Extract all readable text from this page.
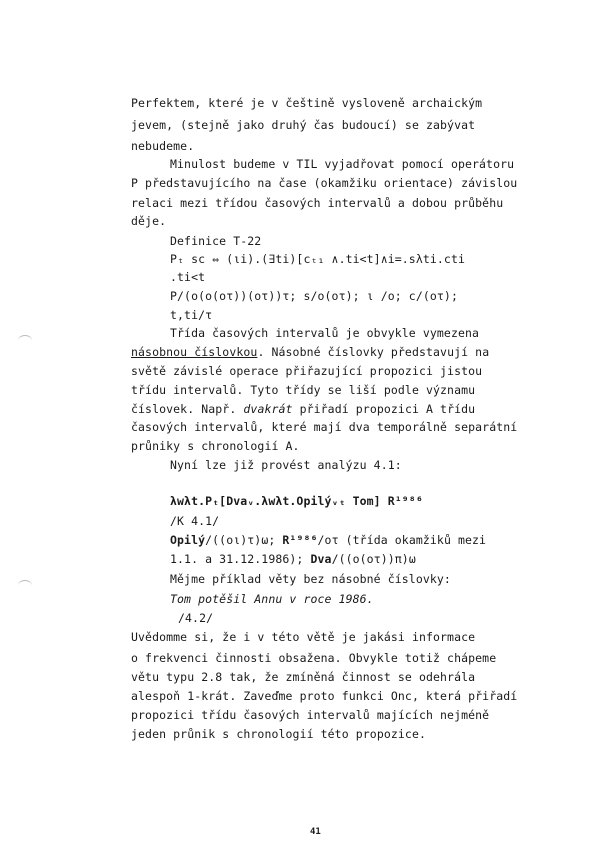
Perfektem, které je v češtině vysloveně archaickým
jevem, (stejně jako druhý čas budoucí) se zabývat
nebudeme.
Minulost budeme v TIL vyjadřovat pomocí operátoru
P představujícího na čase (okamžiku orientace) závislou
relaci mezi třídou časových intervalů a dobou průběhu
děje.
Definice T-22
Pₜ sc ⇔ (ιi).(∃ti)[cₜ₁ ∧.ti<t]∧i=.sλti.cti
.ti<t
P/(o(o(oτ))(oτ))τ; s/o(oτ); ι /o; c/(oτ);
t,ti/τ
Třída časových intervalů je obvykle vymezena
násobnou číslovkou. Násobné číslovky představují na
světě závislé operace přiřazující propozici jistou
třídu intervalů. Tyto třídy se liší podle významu
číslovek. Např. dvakrát přiřadí propozici A třídu
časových intervalů, které mají dva temporálně separátní
průniky s chronologií A.
Nyní lze již provést analýzu 4.1:
λwλt.Pₜ[Dvaᵥ.λwλt.Opilýᵥₜ Tom] R¹⁹⁸⁶
/K 4.1/
Opilý/((oι)τ)ω; R¹⁹⁸⁶/oτ (třída okamžiků mezi
1.1. a 31.12.1986); Dva/((o(oτ))π)ω
Mějme příklad věty bez násobné číslovky:
Tom potěšil Annu v roce 1986.
/4.2/
Uvědomme si, že i v této větě je jakási informace
o frekvenci činnosti obsažena. Obvykle totiž chápeme
větu typu 2.8 tak, že zmíněná činnost se odehrála
alespoň 1-krát. Zaveďme proto funkci Onc, která přiřadí
propozici třídu časových intervalů majících nejméně
jeden průnik s chronologií této propozice.
41
